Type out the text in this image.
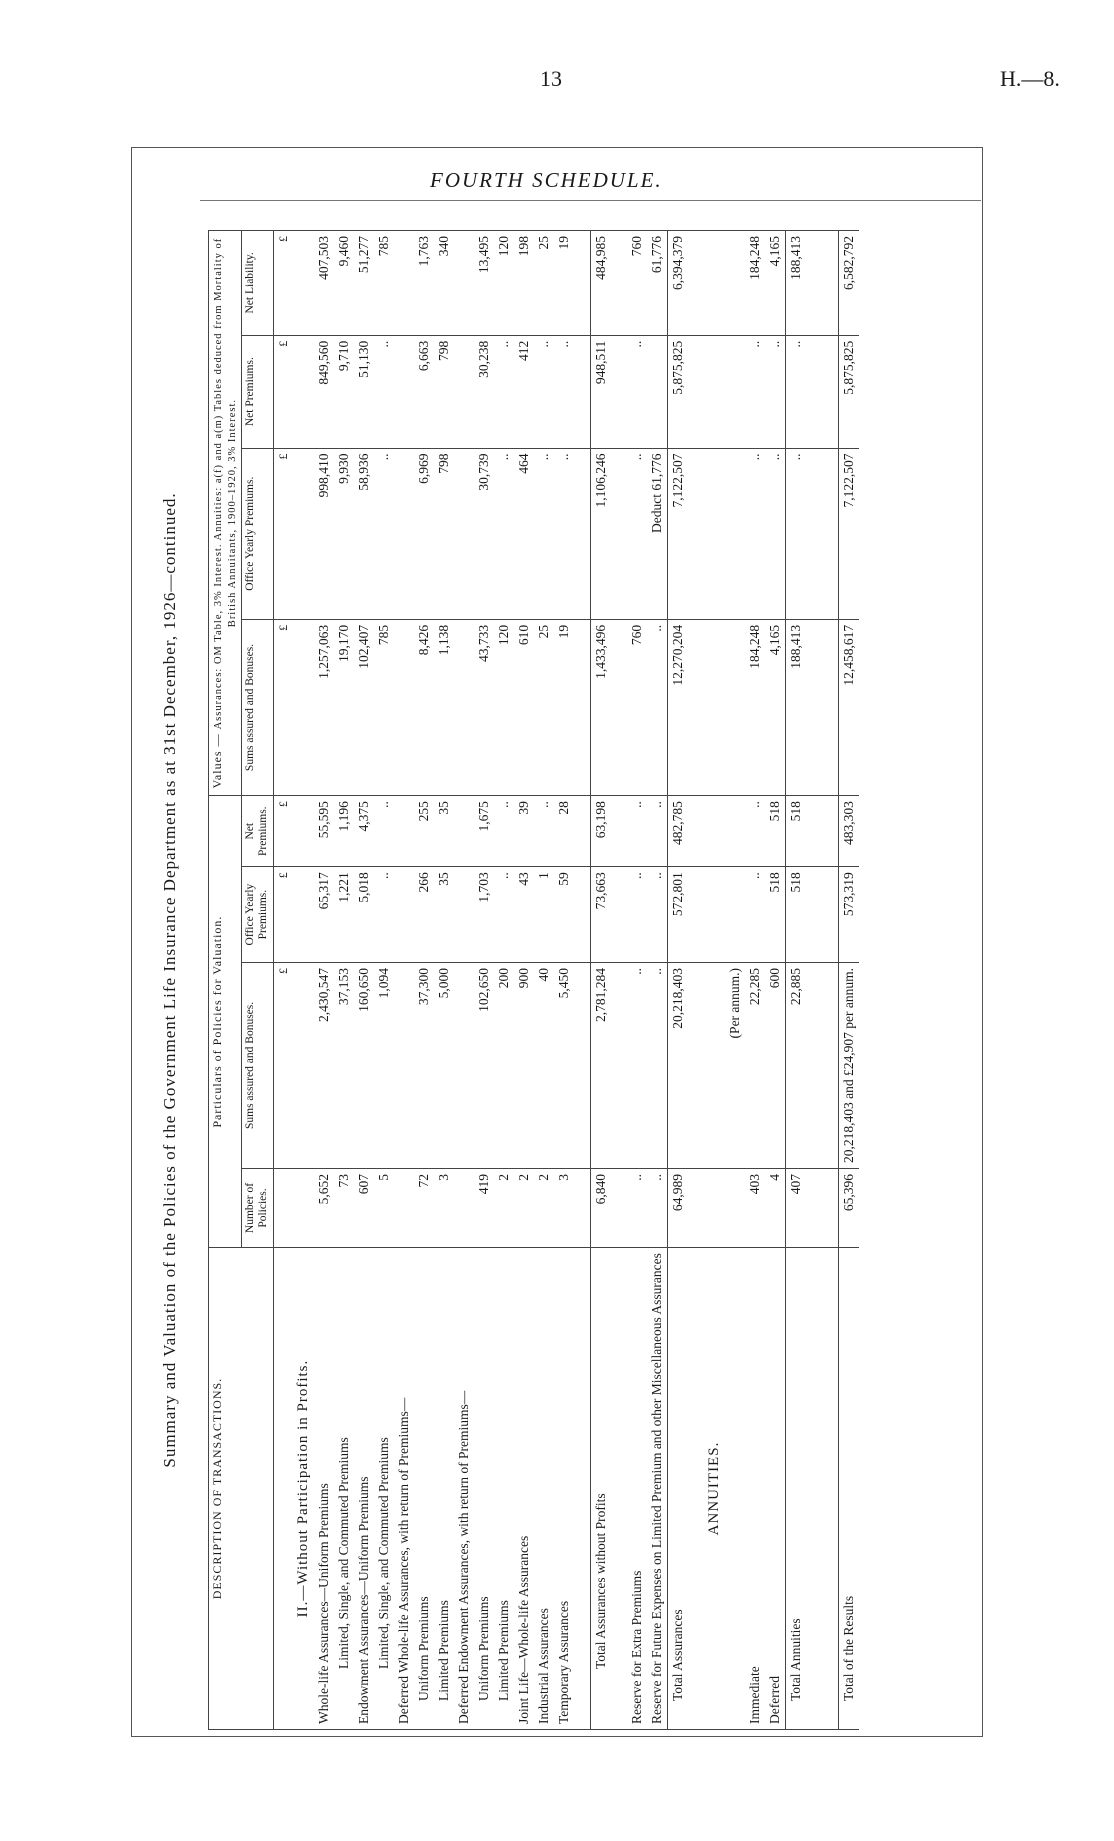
13	H.—8.
FOURTH SCHEDULE.
Summary and Valuation of the Policies of the Government Life Insurance Department as at 31st December, 1926—continued.
DESCRIPTION OF TRANSACTIONS.	Particulars of Policies for Valuation.				Values — Assurances: OM Table, 3% Interest. Annuities: a(f) and a(m) Tables deduced from Mortality of British Annuitants, 1900–1920, 3% Interest.			
	Number of Policies.	Sums assured and Bonuses.	Office Yearly Premiums.	Net Premiums.	Sums assured and Bonuses.	Office Yearly Premiums.	Net Premiums.	Net Liability.
		£	£	£	£	£	£	£
II.—Without Participation in Profits.								
Whole-life Assurances—Uniform Premiums	5,652	2,430,547	65,317	55,595	1,257,063	998,410	849,560	407,503
Limited, Single, and Commuted Premiums	73	37,153	1,221	1,196	19,170	9,930	9,710	9,460
Endowment Assurances—Uniform Premiums	607	160,650	5,018	4,375	102,407	58,936	51,130	51,277
Limited, Single, and Commuted Premiums	5	1,094	..	..	785	..	..	785
Deferred Whole-life Assurances, with return of Premiums—								
Uniform Premiums	72	37,300	266	255	8,426	6,969	6,663	1,763
Limited Premiums	3	5,000	35	35	1,138	798	798	340
Deferred Endowment Assurances, with return of Premiums—								
Uniform Premiums	419	102,650	1,703	1,675	43,733	30,739	30,238	13,495
Limited Premiums	2	200	..	..	120	..	..	120
Joint Life—Whole-life Assurances	2	900	43	39	610	464	412	198
Industrial Assurances	2	40	1	..	25	..	..	25
Temporary Assurances	3	5,450	59	28	19	..	..	19

Total Assurances without Profits	6,840	2,781,284	73,663	63,198	1,433,496	1,106,246	948,511	484,985

Reserve for Extra Premiums	..	..	..	..	760	..	..	760
Reserve for Future Expenses on Limited Premium and other Miscellaneous Assurances	..	..	..	..	..	Deduct 61,776		61,776
Total Assurances	64,989	20,218,403	572,801	482,785	12,270,204	7,122,507	5,875,825	6,394,379

ANNUITIES.								
		(Per annum.)						
Immediate	403	22,285	..	..	184,248	..	..	184,248
Deferred	4	600	518	518	4,165	..	..	4,165
Total Annuities	407	22,885	518	518	188,413	..	..	188,413

Total of the Results	65,396	20,218,403 and £24,907 per annum.	573,319	483,303	12,458,617	7,122,507	5,875,825	6,582,792
